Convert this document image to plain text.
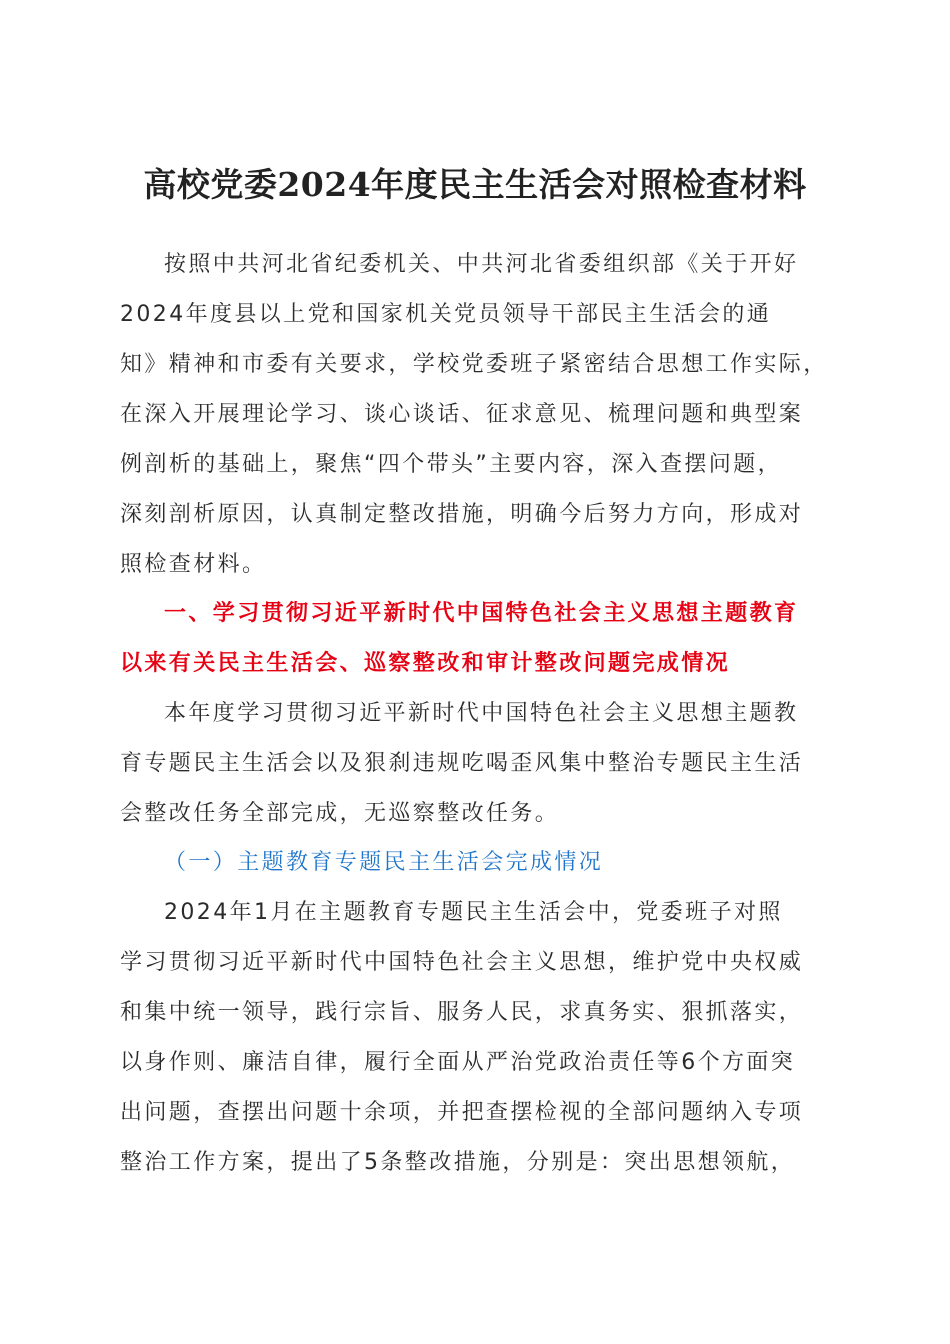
高校党委2024年度民主生活会对照检查材料

按照中共河北省纪委机关、中共河北省委组织部《关于开好

2024年度县以上党和国家机关党员领导干部民主生活会的通

知》精神和市委有关要求，学校党委班子紧密结合思想工作实际，

在深入开展理论学习、谈心谈话、征求意见、梳理问题和典型案

例剖析的基础上，聚焦“四个带头”主要内容，深入查摆问题，

深刻剖析原因，认真制定整改措施，明确今后努力方向，形成对

照检查材料。

一、学习贯彻习近平新时代中国特色社会主义思想主题教育

以来有关民主生活会、巡察整改和审计整改问题完成情况

本年度学习贯彻习近平新时代中国特色社会主义思想主题教

育专题民主生活会以及狠刹违规吃喝歪风集中整治专题民主生活

会整改任务全部完成，无巡察整改任务。

（一）主题教育专题民主生活会完成情况

2024年1月在主题教育专题民主生活会中，党委班子对照

学习贯彻习近平新时代中国特色社会主义思想，维护党中央权威

和集中统一领导，践行宗旨、服务人民，求真务实、狠抓落实，

以身作则、廉洁自律，履行全面从严治党政治责任等6个方面突

出问题，查摆出问题十余项，并把查摆检视的全部问题纳入专项

整治工作方案，提出了5条整改措施，分别是：突出思想领航，
